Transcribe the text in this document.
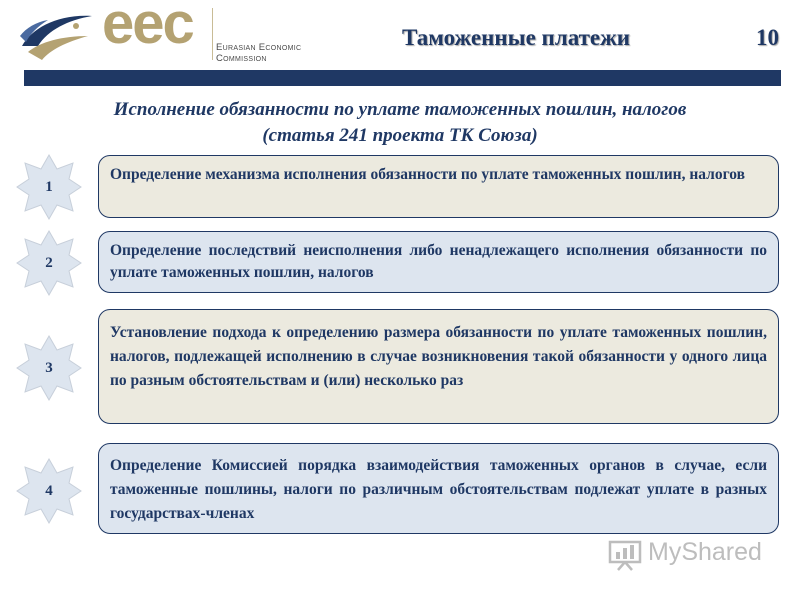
eec Eurasian Economic
Commission
Таможенные платежи	10
Исполнение обязанности по уплате таможенных пошлин, налогов
(статья 241 проекта ТК Союза)
1
Определение механизма исполнения обязанности по уплате таможенных пошлин, налогов
2
Определение последствий неисполнения либо ненадлежащего исполнения обязанности по уплате таможенных пошлин, налогов
3
Установление подхода к определению размера обязанности по уплате таможенных пошлин, налогов, подлежащей исполнению в случае возникновения такой обязанности у одного лица по разным обстоятельствам и (или) несколько раз
4
Определение Комиссией порядка взаимодействия таможенных органов в случае, если таможенные пошлины, налоги по различным обстоятельствам подлежат уплате в разных государствах-членах
MyShared
